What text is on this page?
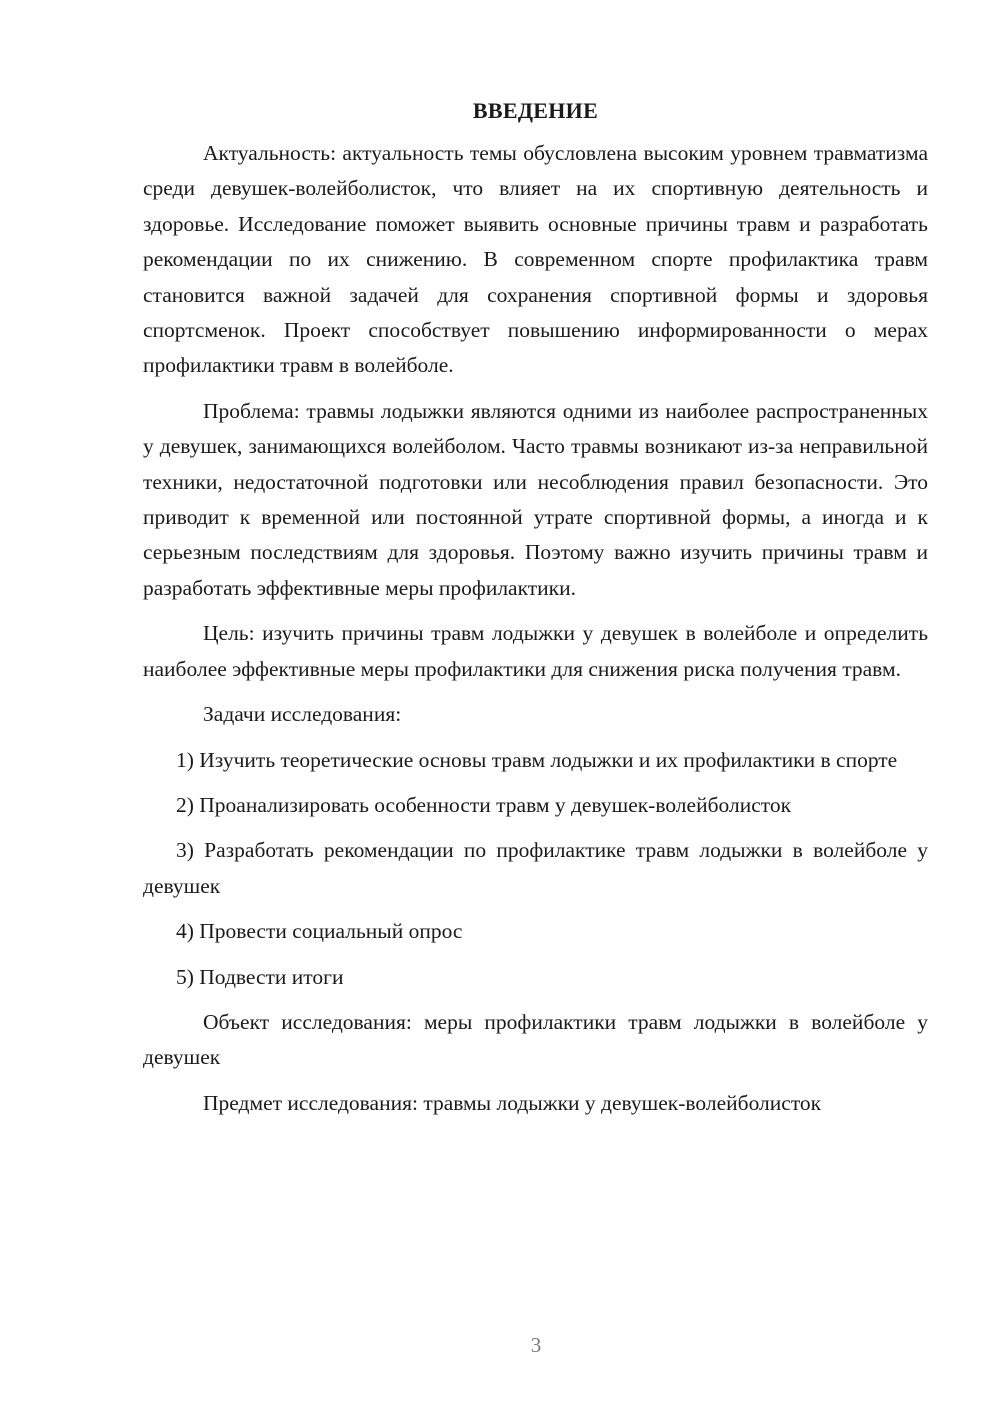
ВВЕДЕНИЕ

Актуальность: актуальность темы обусловлена высоким уровнем травматизма среди девушек-волейболисток, что влияет на их спортивную деятельность и здоровье. Исследование поможет выявить основные причины травм и разработать рекомендации по их снижению. В современном спорте профилактика травм становится важной задачей для сохранения спортивной формы и здоровья спортсменок. Проект способствует повышению информированности о мерах профилактики травм в волейболе.

Проблема: травмы лодыжки являются одними из наиболее распространенных у девушек, занимающихся волейболом. Часто травмы возникают из-за неправильной техники, недостаточной подготовки или несоблюдения правил безопасности. Это приводит к временной или постоянной утрате спортивной формы, а иногда и к серьезным последствиям для здоровья. Поэтому важно изучить причины травм и разработать эффективные меры профилактики.

Цель: изучить причины травм лодыжки у девушек в волейболе и определить наиболее эффективные меры профилактики для снижения риска получения травм.

Задачи исследования:

1) Изучить теоретические основы травм лодыжки и их профилактики в спорте

2) Проанализировать особенности травм у девушек-волейболисток

3) Разработать рекомендации по профилактике травм лодыжки в волейболе у девушек

4) Провести социальный опрос

5) Подвести итоги

Объект исследования: меры профилактики травм лодыжки в волейболе у девушек

Предмет исследования: травмы лодыжки у девушек-волейболисток

3
